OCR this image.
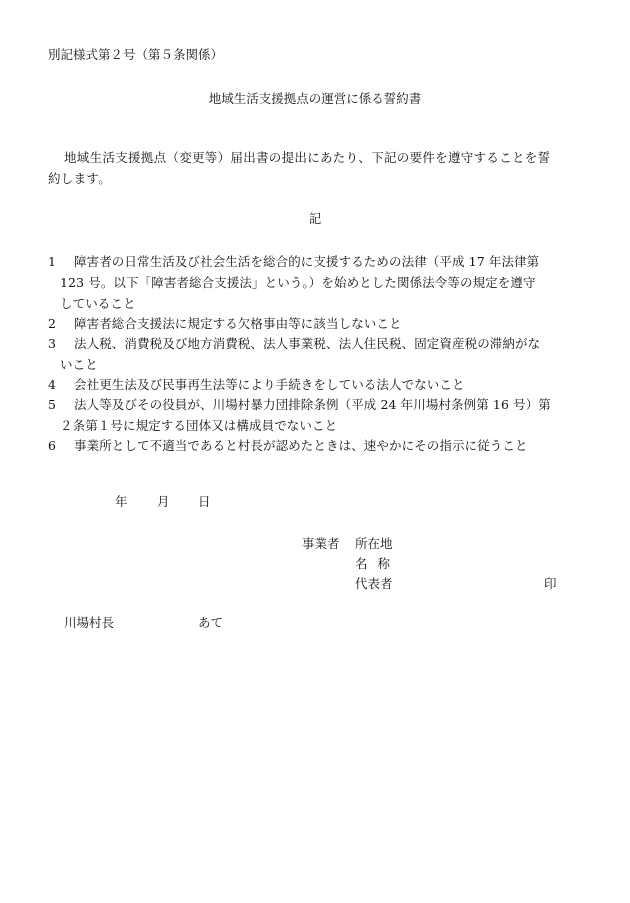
別記様式第２号（第５条関係）
地域生活支援拠点の運営に係る誓約書
地域生活支援拠点（変更等）届出書の提出にあたり、下記の要件を遵守することを誓
約します。
記
1 障害者の日常生活及び社会生活を総合的に支援するための法律（平成 17 年法律第
123 号。以下「障害者総合支援法」という。）を始めとした関係法令等の規定を遵守
していること
2 障害者総合支援法に規定する欠格事由等に該当しないこと
3 法人税、消費税及び地方消費税、法人事業税、法人住民税、固定資産税の滞納がな
いこと
4 会社更生法及び民事再生法等により手続きをしている法人でないこと
5 法人等及びその役員が、川場村暴力団排除条例（平成 24 年川場村条例第 16 号）第
２条第１号に規定する団体又は構成員でないこと
6 事業所として不適当であると村長が認めたときは、速やかにその指示に従うこと
年 月 日
事業者 所在地
名称
代表者	印
川場村長	あて
